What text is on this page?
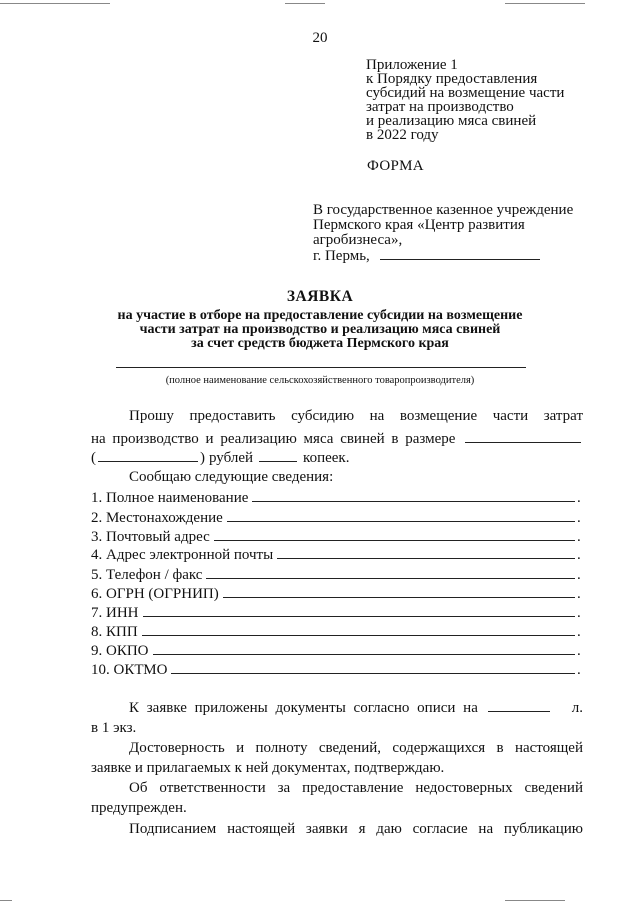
20
Приложение 1
к Порядку предоставления
субсидий на возмещение части
затрат на производство
и реализацию мяса свиней
в 2022 году
ФОРМА
В государственное казенное учреждение
Пермского края «Центр развития
агробизнеса»,
г. Пермь,
ЗАЯВКА
на участие в отборе на предоставление субсидии на возмещение
части затрат на производство и реализацию мяса свиней
за счет средств бюджета Пермского края
(полное наименование сельскохозяйственного товаропроизводителя)
Прошу предоставить субсидию на возмещение части затрат
на производство и реализацию мяса свиней в размере
(	) рублей	копеек.
Сообщаю следующие сведения:
1. Полное наименование	.
2. Местонахождение	.
3. Почтовый адрес	.
4. Адрес электронной почты	.
5. Телефон / факс	.
6. ОГРН (ОГРНИП)	.
7. ИНН	.
8. КПП	.
9. ОКПО	.
10. ОКТМО	.
К заявке приложены документы согласно описи на	л.
в 1 экз.
Достоверность и полноту сведений, содержащихся в настоящей
заявке и прилагаемых к ней документах, подтверждаю.
Об ответственности за предоставление недостоверных сведений
предупрежден.
Подписанием настоящей заявки я даю согласие на публикацию
